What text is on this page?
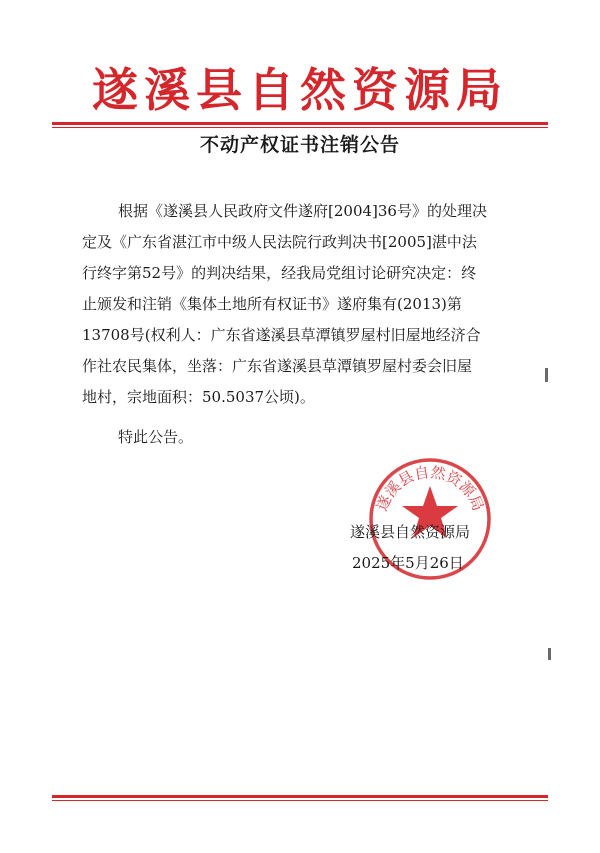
遂溪县自然资源局
不动产权证书注销公告
根据《遂溪县人民政府文件遂府[2004]36号》的处理决
定及《广东省湛江市中级人民法院行政判决书[2005]湛中法
行终字第52号》的判决结果，经我局党组讨论研究决定：终
止颁发和注销《集体土地所有权证书》遂府集有(2013)第
13708号(权利人：广东省遂溪县草潭镇罗屋村旧屋地经济合
作社农民集体，坐落：广东省遂溪县草潭镇罗屋村委会旧屋
地村，宗地面积：50.5037公顷)。
特此公告。
遂溪县自然资源局
遂溪县自然资源局
2025年5月26日
